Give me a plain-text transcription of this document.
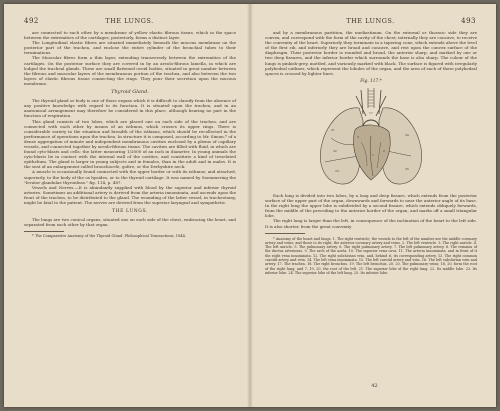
492	THE LUNGS.

are connected to each other by a membrane of yellow elastic fibrous tissue, which in the space between the extremities of the cartilages, posteriorly, forms a distinct layer.

The Longitudinal elastic fibres are situated immediately beneath the mucous membrane on the posterior part of the trachea, and enclose the entire cylinder of the bronchial tubes to their terminations.

The Muscular fibres form a thin layer, extending transversely between the extremities of the cartilages. On the posterior surface they are covered in by an areolo-fibrous lamella, in which are lodged the tracheal glands. These are small flattened ovoid bodies, situated in great number between the fibrous and muscular layers of the membranous portion of the trachea, and also between the two layers of elastic fibrous tissue connecting the rings. They pour their secretion upon the mucous membrane.

Thyroid Gland.

The thyroid gland or body is one of those organs which it is difficult to classify from the absence of any positive knowledge with regard to its function. It is situated upon the trachea, and in an anatomical arrangement may therefore be considered in this place, although bearing no part in the function of respiration.

This gland consists of two lobes, which are placed one on each side of the trachea, and are connected with each other by means of an isthmus, which crosses its upper rings. There is considerable variety in the situation and breadth of the isthmus, which should be recollected in the performance of operations upon the trachea. In structure it is composed, according to Mr. Simon,* of a dense aggregation of minute and independent membranous cavities enclosed by a plexus of capillary vessels, and connected together by areolo-fibrous tissue. The cavities are filled with fluid, in which are found cyto-blasts and cells: the latter measuring 1/2000 of an inch in diameter. In young animals the cyto-blasts lie in contact with the internal wall of the cavities, and constitute a kind of tesselated epithelium. The gland is larger in young subjects and in females, than in the adult and in males. It is the seat of an enlargement called bronchocele, goître, or the Derbyshire neck.

A muscle is occasionally found connected with the upper border or with its isthmus; and attached, superiorly, to the body of the os hyoides, or to the thyroid cartilage. It was named by Soemmering the "levator glandulae thyroideae." fig. 114, p. 487.

Vessels and Nerves.—It is abundantly supplied with blood by the superior and inferior thyroid arteries. Sometimes an additional artery is derived from the arteria innominata, and ascends upon the front of the trachea, to be distributed to the gland. The wounding of the latter vessel, in tracheotomy, might be fatal to the patient. The nerves are derived from the superior laryngeal and sympathetic.

THE LUNGS.

The lungs are two conical organs, situated one on each side of the chest, embracing the heart, and separated from each other by that organ

* The Comparative Anatomy of the Thyroid Gland. Philosophical Transactions, 1844.

THE LUNGS.	493

and by a membranous partition, the mediastinum. On the external or thoracic side they are convex, and correspond with the form of the cavity of the chest; internally they are concave, to receive the convexity of the heart. Superiorly they terminate in a tapering cone, which extends above the level of the first rib, and inferiorly they are broad and concave, and rest upon the convex surface of the diaphragm. Their posterior border is rounded and broad, the anterior sharp, and marked by one or two deep fissures, and the inferior border which surrounds the base is also sharp. The colour of the lungs is pinkish-grey, mottled, and variously marked with black. The surface is figured with irregularly polyhedral outlines, which represent the lobules of the organ, and the area of each of these polyhedral spaces is crossed by lighter lines.

Fig. 117.*
1
2
3
21
22
23
24
25
17

Each lung is divided into two lobes, by a long and deep fissure, which extends from the posterior surface of the upper part of the organ, downwards and forwards to near the anterior angle of its base. In the right lung the upper lobe is subdivided by a second fissure, which extends obliquely forwards, from the middle of the preceding to the anterior border of the organ, and marks off a small triangular lobe.

The right lung is larger than the left, in consequence of the inclination of the heart to the left side. It is also shorter, from the great convexity

* Anatomy of the heart and lungs. 1. The right ventricle; the vessels to the left of the number are the middle coronary artery and veins; and those to its right, the anterior coronary artery and veins. 2. The left ventricle. 3. The right auricle. 4. The left auricle. 5. The pulmonary artery. 6. The right pulmonary artery. 7. The left pulmonary artery. 8. The remains of the ductus arteriosus. 9. The arch of the aorta. 10. The superior vena cava. 11. The arteria innominata, and in front of it the right vena innominata. 12. The right subclavian vein, and, behind it, its corresponding artery. 13. The right common carotid artery and vein. 14. The left vena innominata. 15. The left carotid artery and vein. 16. The left subclavian vein and artery. 17. The trachea. 18. The right bronchus. 19. The left bronchus. 20, 20. The pulmonary veins; 18, 20, form the root of the right lung; and 7, 19, 20, the root of the left. 21. The superior lobe of the right lung. 22. Its middle lobe. 23. Its inferior lobe. 24. The superior lobe of the left lung. 25. Its inferior lobe.

42
